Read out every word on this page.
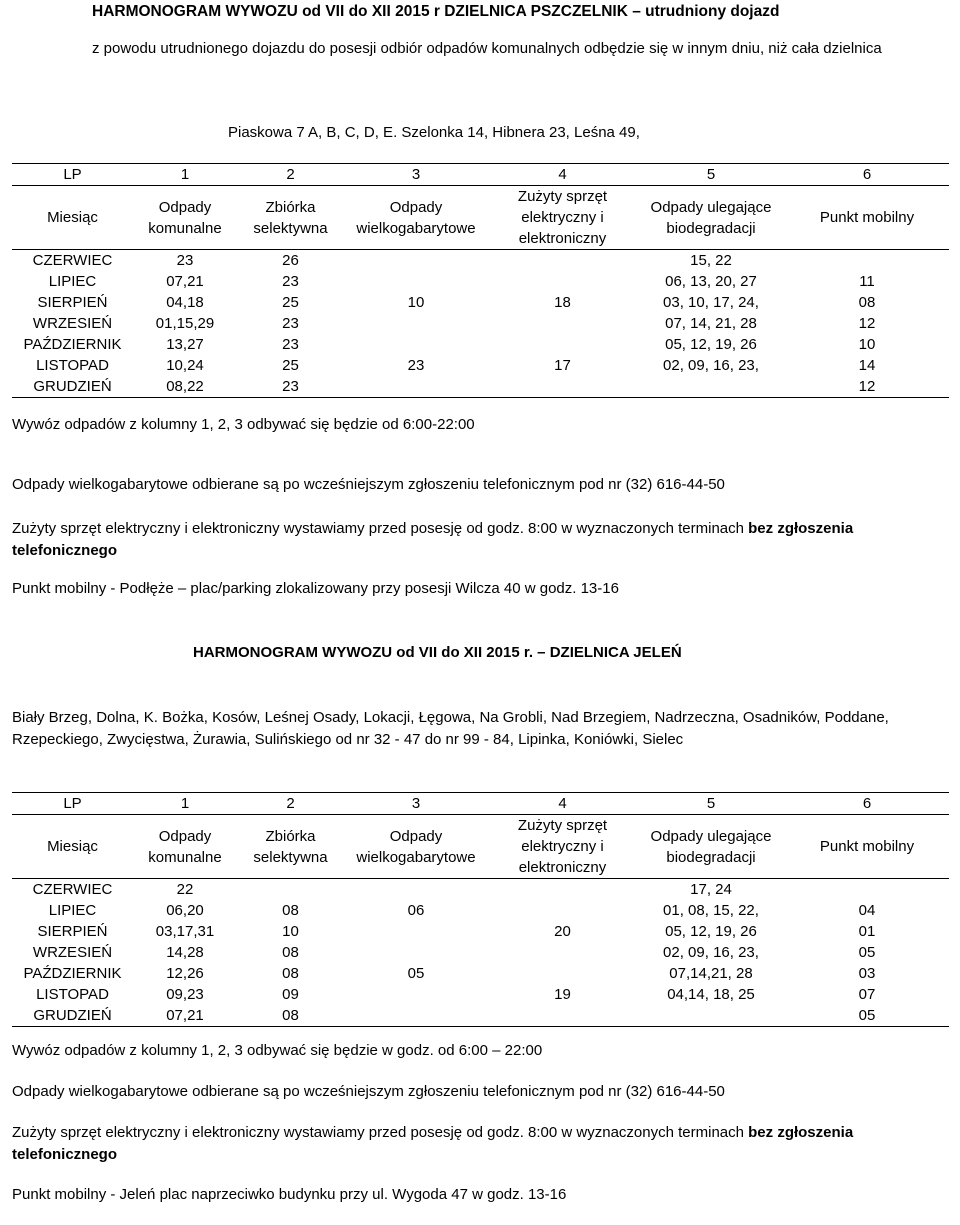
HARMONOGRAM WYWOZU od VII do XII 2015 r DZIELNICA PSZCZELNIK – utrudniony dojazd
z powodu utrudnionego dojazdu do posesji odbiór odpadów komunalnych odbędzie się w innym dniu, niż cała dzielnica
Piaskowa 7 A, B, C, D, E. Szelonka 14, Hibnera 23, Leśna 49,
LP	1	2	3	4	5	6
Miesiąc	Odpady komunalne	Zbiórka selektywna	Odpady wielkogabarytowe	Zużyty sprzęt elektryczny i elektroniczny	Odpady ulegające biodegradacji	Punkt mobilny
CZERWIEC	23	26			15, 22	
LIPIEC	07,21	23			06, 13, 20, 27	11
SIERPIEŃ	04,18	25	10	18	03, 10, 17, 24,	08
WRZESIEŃ	01,15,29	23			07, 14, 21, 28	12
PAŹDZIERNIK	13,27	23			05, 12, 19, 26	10
LISTOPAD	10,24	25	23	17	02, 09, 16, 23,	14
GRUDZIEŃ	08,22	23				12
Wywóz odpadów z kolumny 1, 2, 3 odbywać się będzie od 6:00-22:00
Odpady wielkogabarytowe odbierane są po wcześniejszym zgłoszeniu telefonicznym pod nr (32) 616-44-50
Zużyty sprzęt elektryczny i elektroniczny wystawiamy przed posesję od godz. 8:00 w wyznaczonych terminach bez zgłoszenia telefonicznego
Punkt mobilny - Podłęże – plac/parking zlokalizowany przy posesji Wilcza 40 w godz. 13-16
HARMONOGRAM WYWOZU od VII do XII 2015 r. – DZIELNICA JELEŃ
Biały Brzeg, Dolna, K. Bożka, Kosów, Leśnej Osady, Lokacji, Łęgowa, Na Grobli, Nad Brzegiem, Nadrzeczna, Osadników, Poddane, Rzepeckiego, Zwycięstwa, Żurawia, Sulińskiego od nr 32 - 47 do nr 99 - 84, Lipinka, Koniówki, Sielec
LP	1	2	3	4	5	6
Miesiąc	Odpady komunalne	Zbiórka selektywna	Odpady wielkogabarytowe	Zużyty sprzęt elektryczny i elektroniczny	Odpady ulegające biodegradacji	Punkt mobilny
CZERWIEC	22				17, 24	
LIPIEC	06,20	08	06		01, 08, 15, 22,	04
SIERPIEŃ	03,17,31	10		20	05, 12, 19, 26	01
WRZESIEŃ	14,28	08			02, 09, 16, 23,	05
PAŹDZIERNIK	12,26	08	05		07,14,21, 28	03
LISTOPAD	09,23	09		19	04,14, 18, 25	07
GRUDZIEŃ	07,21	08				05
Wywóz odpadów z kolumny 1, 2, 3 odbywać się będzie w godz. od 6:00 – 22:00
Odpady wielkogabarytowe odbierane są po wcześniejszym zgłoszeniu telefonicznym pod nr (32) 616-44-50
Zużyty sprzęt elektryczny i elektroniczny wystawiamy przed posesję od godz. 8:00 w wyznaczonych terminach bez zgłoszenia telefonicznego
Punkt mobilny - Jeleń plac naprzeciwko budynku przy ul. Wygoda 47 w godz. 13-16
